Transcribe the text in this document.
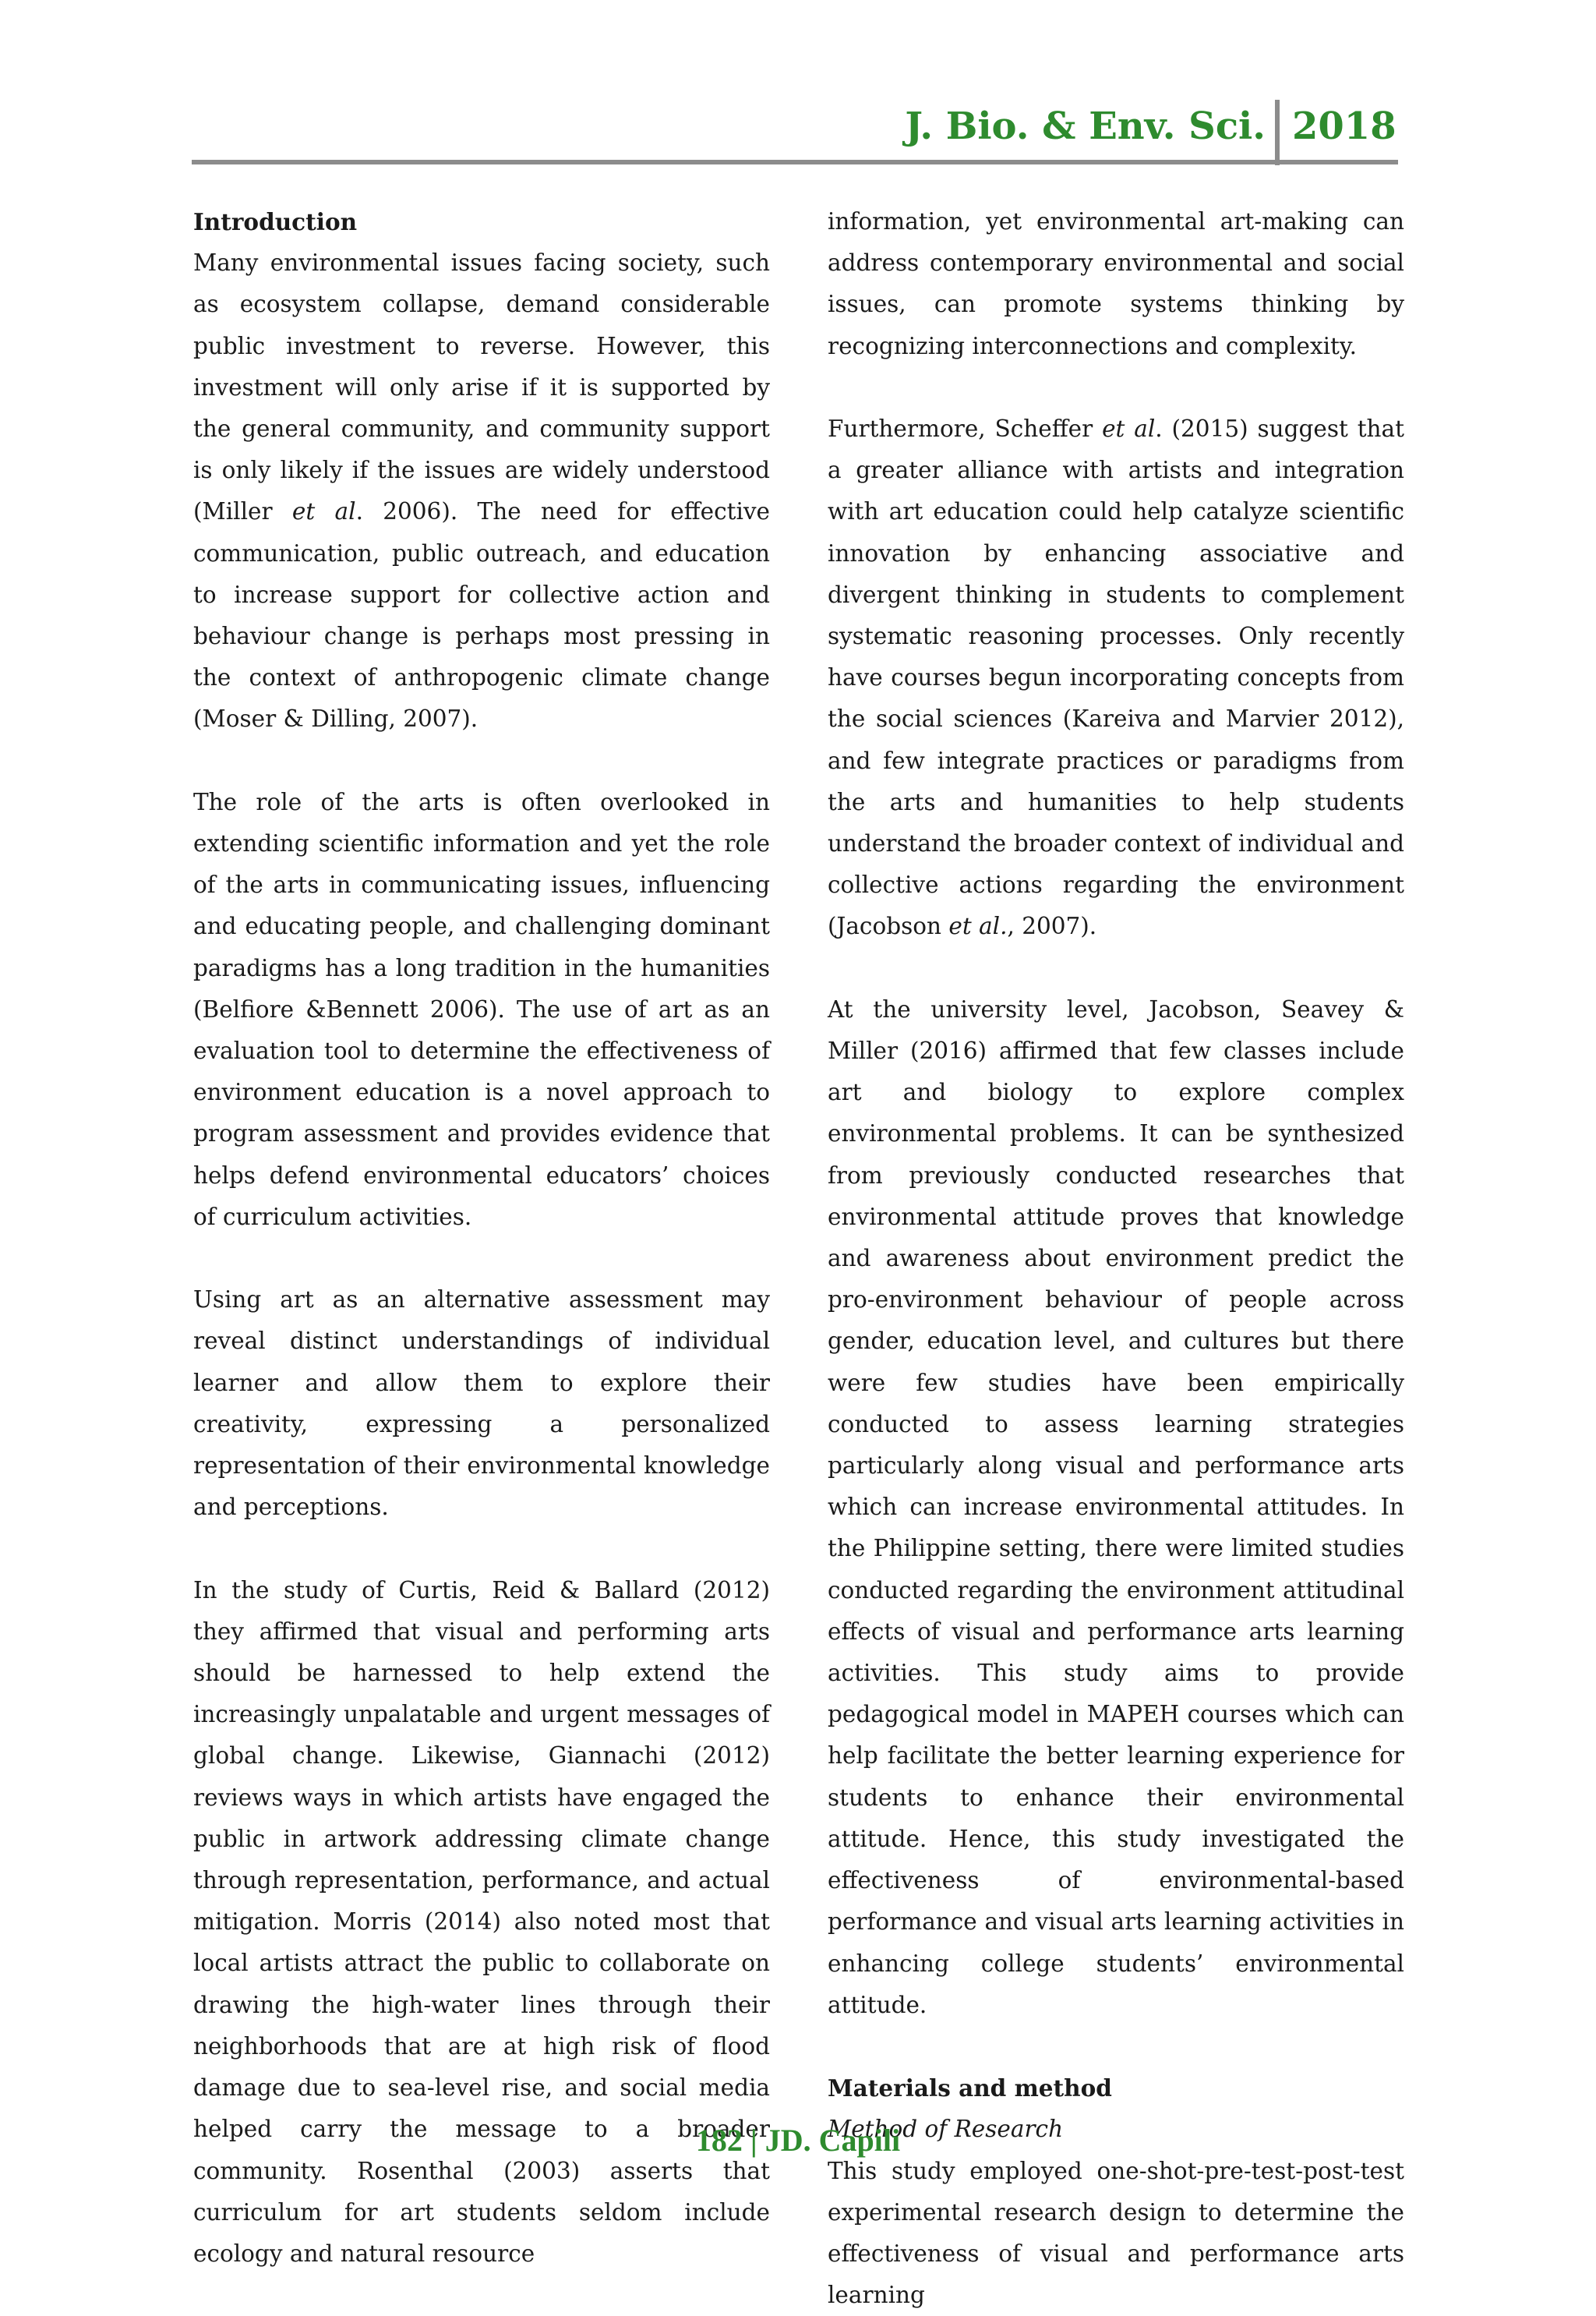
J. Bio. & Env. Sci. 2018

Introduction
Many environmental issues facing society, such as ecosystem collapse, demand considerable public investment to reverse. However, this investment will only arise if it is supported by the general community, and community support is only likely if the issues are widely understood (Miller et al. 2006). The need for effective communication, public outreach, and education to increase support for collective action and behaviour change is perhaps most pressing in the context of anthropogenic climate change (Moser & Dilling, 2007).

The role of the arts is often overlooked in extending scientific information and yet the role of the arts in communicating issues, influencing and educating people, and challenging dominant paradigms has a long tradition in the humanities (Belfiore &Bennett 2006). The use of art as an evaluation tool to determine the effectiveness of environment education is a novel approach to program assessment and provides evidence that helps defend environmental educators’ choices of curriculum activities.

Using art as an alternative assessment may reveal distinct understandings of individual learner and allow them to explore their creativity, expressing a personalized representation of their environmental knowledge and perceptions.

In the study of Curtis, Reid & Ballard (2012) they affirmed that visual and performing arts should be harnessed to help extend the increasingly unpalatable and urgent messages of global change. Likewise, Giannachi (2012) reviews ways in which artists have engaged the public in artwork addressing climate change through representation, performance, and actual mitigation. Morris (2014) also noted most that local artists attract the public to collaborate on drawing the high-water lines through their neighborhoods that are at high risk of flood damage due to sea-level rise, and social media helped carry the message to a broader community. Rosenthal (2003) asserts that curriculum for art students seldom include ecology and natural resource

information, yet environmental art-making can address contemporary environmental and social issues, can promote systems thinking by recognizing interconnections and complexity.

Furthermore, Scheffer et al. (2015) suggest that a greater alliance with artists and integration with art education could help catalyze scientific innovation by enhancing associative and divergent thinking in students to complement systematic reasoning processes. Only recently have courses begun incorporating concepts from the social sciences (Kareiva and Marvier 2012), and few integrate practices or paradigms from the arts and humanities to help students understand the broader context of individual and collective actions regarding the environment (Jacobson et al., 2007).

At the university level, Jacobson, Seavey & Miller (2016) affirmed that few classes include art and biology to explore complex environmental problems. It can be synthesized from previously conducted researches that environmental attitude proves that knowledge and awareness about environment predict the pro-environment behaviour of people across gender, education level, and cultures but there were few studies have been empirically conducted to assess learning strategies particularly along visual and performance arts which can increase environmental attitudes. In the Philippine setting, there were limited studies conducted regarding the environment attitudinal effects of visual and performance arts learning activities. This study aims to provide pedagogical model in MAPEH courses which can help facilitate the better learning experience for students to enhance their environmental attitude. Hence, this study investigated the effectiveness of environmental-based performance and visual arts learning activities in enhancing college students’ environmental attitude.

Materials and method
Method of Research
This study employed one-shot-pre-test-post-test experimental research design to determine the effectiveness of visual and performance arts learning

182 | JD. Capili
